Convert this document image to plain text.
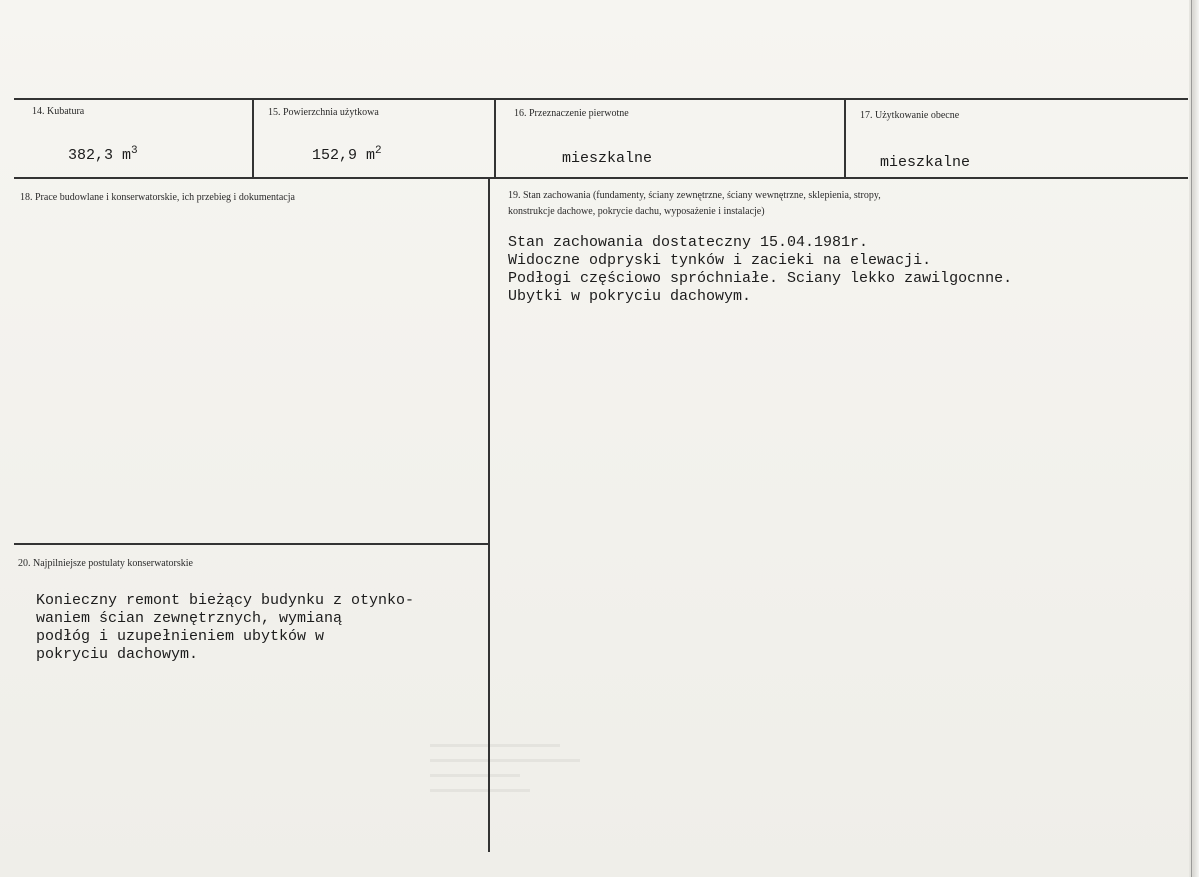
14. Kubatura
382,3 $m^3$
15. Powierzchnia użytkowa
152,9 $m^2$
16. Przeznaczenie pierwotne
mieszkalne
17. Użytkowanie obecne
mieszkalne
18. Prace budowlane i konserwatorskie, ich przebieg i dokumentacja	19. Stan zachowania (fundamenty, ściany zewnętrzne, ściany wewnętrzne, sklepienia, stropy,
konstrukcje dachowe, pokrycie dachu, wyposażenie i instalacje)
Stan zachowania dostateczny 15.04.1981r.
Widoczne odpryski tynków i zacieki na elewacji.
Podłogi częściowo spróchniałe. Sciany lekko zawilgocnne.
Ubytki w pokryciu dachowym.
20. Najpilniejsze postulaty konserwatorskie
Konieczny remont bieżący budynku z otynko-
waniem ścian zewnętrznych, wymianą
podłóg i uzupełnieniem ubytków w
pokryciu dachowym.
